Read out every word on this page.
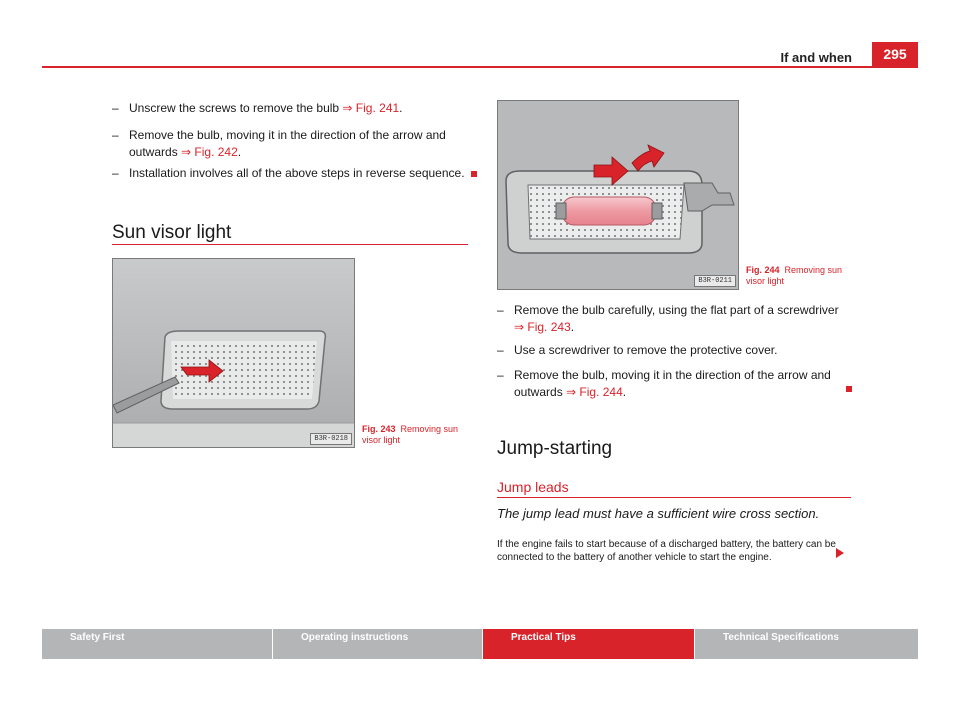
If and when	295
– Unscrew the screws to remove the bulb ⇒ Fig. 241.
– Remove the bulb, moving it in the direction of the arrow and outwards ⇒ Fig. 242.
– Installation involves all of the above steps in reverse sequence.
Sun visor light
B3R-0218
Fig. 243 Removing sun visor light
B3R-0211
Fig. 244 Removing sun visor light
– Remove the bulb carefully, using the flat part of a screwdriver ⇒ Fig. 243.
– Use a screwdriver to remove the protective cover.
– Remove the bulb, moving it in the direction of the arrow and outwards ⇒ Fig. 244.
Jump-starting
Jump leads
The jump lead must have a sufficient wire cross section.
If the engine fails to start because of a discharged battery, the battery can be connected to the battery of another vehicle to start the engine.
Safety First	Operating instructions	Practical Tips	Technical Specifications
